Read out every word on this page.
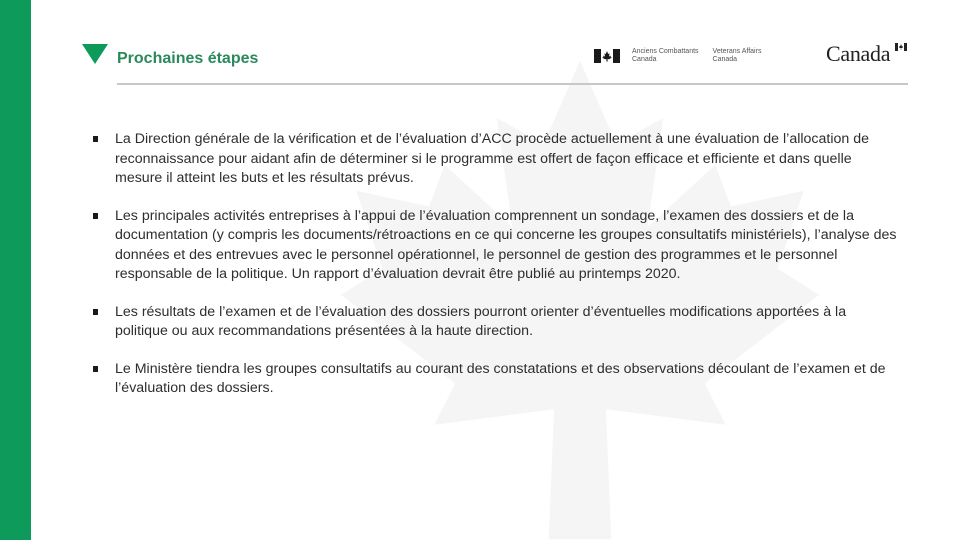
Prochaines étapes	Anciens Combattants
Canada
Veterans Affairs
Canada	Canada
La Direction générale de la vérification et de l’évaluation d’ACC procède actuellement à une évaluation de l’allocation de reconnaissance pour aidant afin de déterminer si le programme est offert de façon efficace et efficiente et dans quelle mesure il atteint les buts et les résultats prévus.
Les principales activités entreprises à l’appui de l’évaluation comprennent un sondage, l’examen des dossiers et de la documentation (y compris les documents/rétroactions en ce qui concerne les groupes consultatifs ministériels), l’analyse des données et des entrevues avec le personnel opérationnel, le personnel de gestion des programmes et le personnel responsable de la politique. Un rapport d’évaluation devrait être publié au printemps 2020.
Les résultats de l’examen et de l’évaluation des dossiers pourront orienter d’éventuelles modifications apportées à la politique ou aux recommandations présentées à la haute direction.
Le Ministère tiendra les groupes consultatifs au courant des constatations et des observations découlant de l’examen et de l’évaluation des dossiers.
